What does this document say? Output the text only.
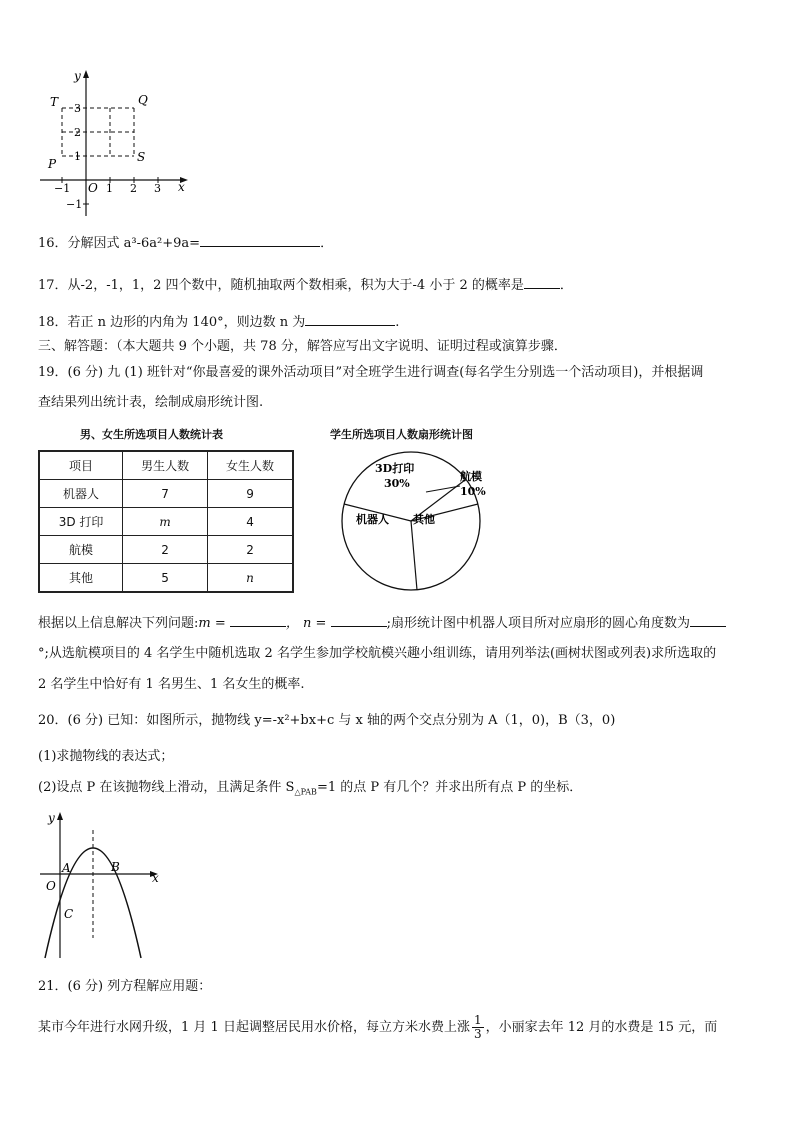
y
x
O
T	Q
P	S
3
2
1
−1
−1	1 2 3
16．分解因式 a³-6a²+9a=	．
17．从-2，-1，1，2 四个数中，随机抽取两个数相乘，积为大于-4 小于 2 的概率是	．
18．若正 n 边形的内角为 140°，则边数 n 为	.
三、解答题：（本大题共 9 个小题，共 78 分，解答应写出文字说明、证明过程或演算步骤．
19．(6 分) 九 (1) 班针对“你最喜爱的课外活动项目”对全班学生进行调查(每名学生分别选一个活动项目)，并根据调
查结果列出统计表，绘制成扇形统计图.
男、女生所选项目人数统计表
项目	男生人数	女生人数
机器人	7	9
3D 打印	m	4
航模	2	2
其他	5	n
学生所选项目人数扇形统计图
3D打印
30%
航模
10%
机器人 其他
根据以上信息解决下列问题:m =	， n =	;扇形统计图中机器人项目所对应扇形的圆心角度数为
°;从选航模项目的 4 名学生中随机选取 2 名学生参加学校航模兴趣小组训练，请用列举法(画树状图或列表)求所选取的
2 名学生中恰好有 1 名男生、1 名女生的概率.
20．(6 分) 已知：如图所示，抛物线 y=-x²+bx+c 与 x 轴的两个交点分别为 A（1，0)，B（3，0)
(1)求抛物线的表达式；
(2)设点 P 在该抛物线上滑动，且满足条件 $S_{\triangle PAB}=1$ 的点 P 有几个？并求出所有点 P 的坐标．
y
x
O
A	B
C
21．(6 分) 列方程解应用题：
某市今年进行水网升级，1 月 1 日起调整居民用水价格，每立方米水费上涨 $\frac{1}{3}$ ，小丽家去年 12 月的水费是 15 元，而
